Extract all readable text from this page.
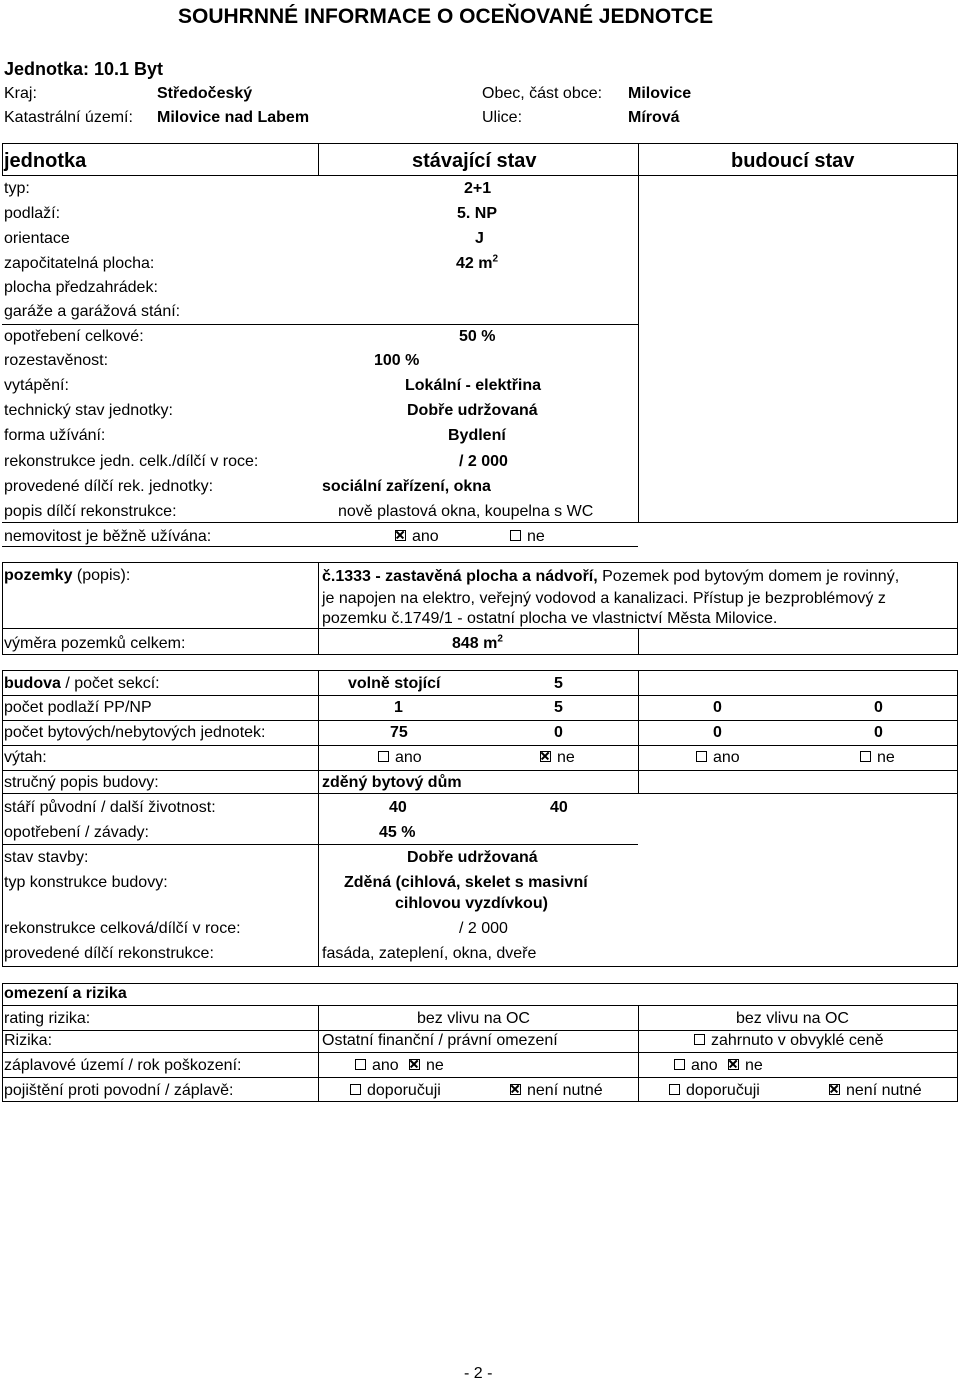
SOUHRNNÉ INFORMACE O OCEŇOVANÉ JEDNOTCE
Jednotka: 10.1 Byt
Kraj:	Středočeský	Obec, část obce: Milovice
Katastrální území: Milovice nad Labem	Ulice:	Mírová
jednotka	stávající stav	budoucí stav
typ:	2+1
podlaží:	5. NP
orientace	J
započitatelná plocha:	42 $m^2$
plocha předzahrádek:
garáže a garážová stání:
opotřebení celkové:	50 %
rozestavěnost:	100 %
vytápění:	Lokální - elektřina
technický stav jednotky:	Dobře udržovaná
forma užívání:	Bydlení
rekonstrukce jedn. celk./dílčí v roce:	/ 2 000
provedené dílčí rek. jednotky:	sociální zařízení, okna
popis dílčí rekonstrukce:	nově plastová okna, koupelna s WC
nemovitost je běžně užívána:	ano	ne
pozemky (popis):	č.1333 - zastavěná plocha a nádvoří, Pozemek pod bytovým domem je rovinný,
je napojen na elektro, veřejný vodovod a kanalizaci. Přístup je bezproblémový z
pozemku č.1749/1 - ostatní plocha ve vlastnictví Města Milovice.
výměra pozemků celkem:	848 $m^2$
budova / počet sekcí:	volně stojící	5
počet podlaží PP/NP	1	5	0	0
počet bytových/nebytových jednotek:	75	0	0	0
výtah:	ano	ne	ano	ne
stručný popis budovy:	zděný bytový dům
stáří původní / další životnost:	40	40
opotřebení / závady:	45 %
stav stavby:	Dobře udržovaná
typ konstrukce budovy:	Zděná (cihlová, skelet s masivní
cihlovou vyzdívkou)
rekonstrukce celková/dílčí v roce:	/ 2 000
provedené dílčí rekonstrukce:	fasáda, zateplení, okna, dveře
omezení a rizika
rating rizika:	bez vlivu na OC	bez vlivu na OC
Rizika:	Ostatní finanční / právní omezení	zahrnuto v obvyklé ceně
záplavové území / rok poškození:	ano	ne	ano	ne
pojištění proti povodní / záplavě:	doporučuji	není nutné	doporučuji	není nutné
- 2 -
